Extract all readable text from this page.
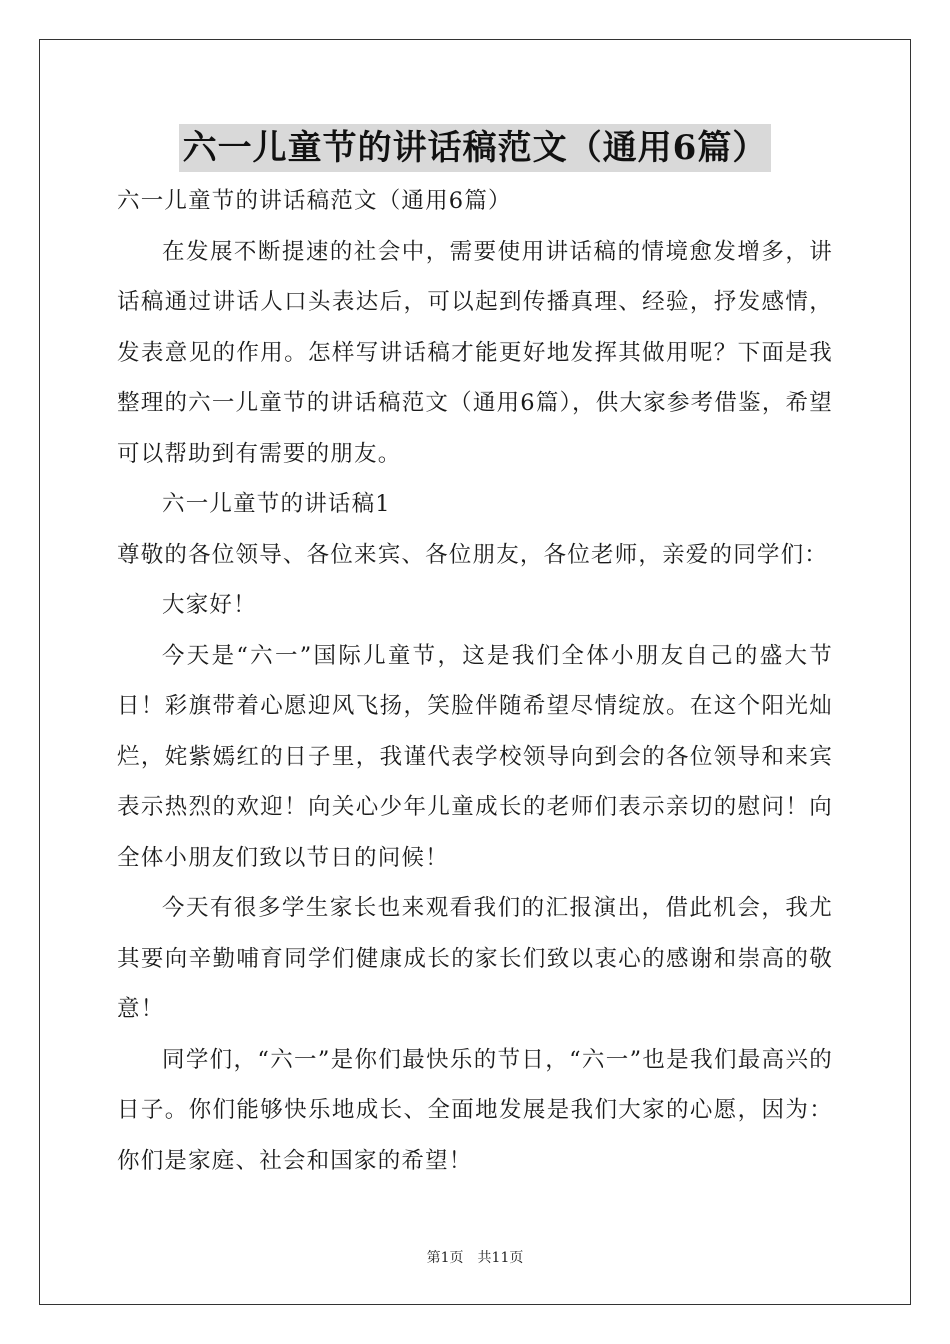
六一儿童节的讲话稿范文（通用6篇）

六一儿童节的讲话稿范文（通用6篇）

在发展不断提速的社会中，需要使用讲话稿的情境愈发增多，讲话稿通过讲话人口头表达后，可以起到传播真理、经验，抒发感情，发表意见的作用。怎样写讲话稿才能更好地发挥其做用呢？下面是我整理的六一儿童节的讲话稿范文（通用6篇），供大家参考借鉴，希望可以帮助到有需要的朋友。

六一儿童节的讲话稿1

尊敬的各位领导、各位来宾、各位朋友，各位老师，亲爱的同学们：

大家好！

今天是“六一”国际儿童节，这是我们全体小朋友自己的盛大节日！彩旗带着心愿迎风飞扬，笑脸伴随希望尽情绽放。在这个阳光灿烂，姹紫嫣红的日子里，我谨代表学校领导向到会的各位领导和来宾表示热烈的欢迎！向关心少年儿童成长的老师们表示亲切的慰问！向全体小朋友们致以节日的问候！

今天有很多学生家长也来观看我们的汇报演出，借此机会，我尤其要向辛勤哺育同学们健康成长的家长们致以衷心的感谢和崇高的敬意！

同学们，“六一”是你们最快乐的节日，“六一”也是我们最高兴的日子。你们能够快乐地成长、全面地发展是我们大家的心愿，因为：你们是家庭、社会和国家的希望！

第1页 共11页
